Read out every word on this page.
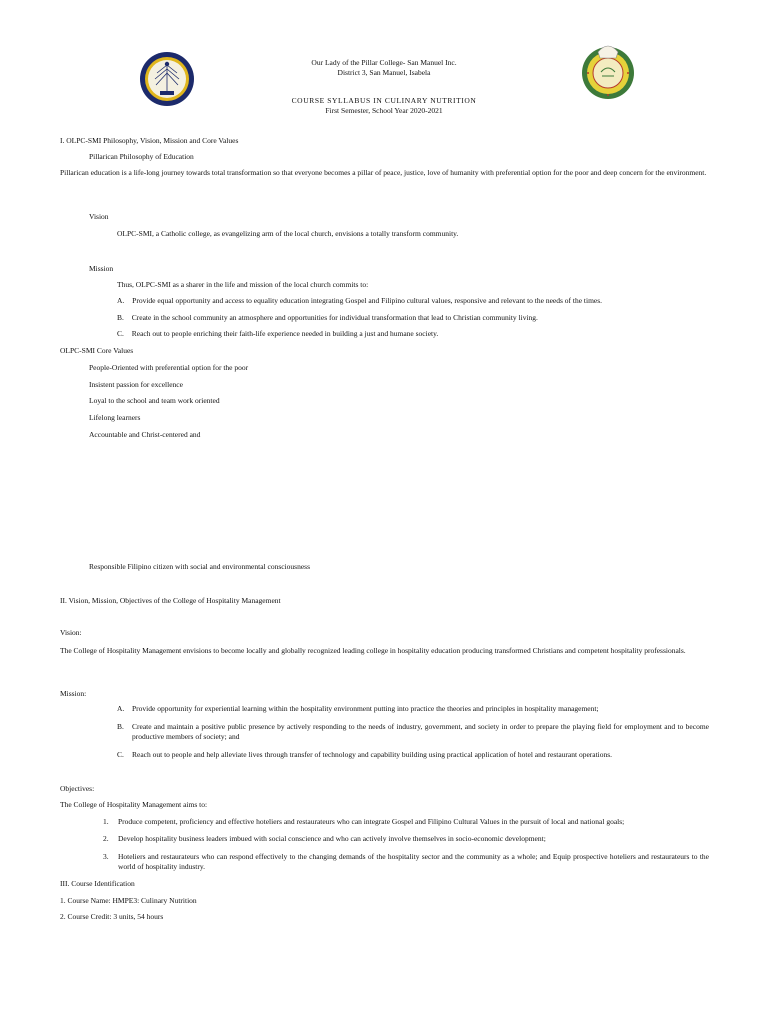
Our Lady of the Pillar College- San Manuel Inc.
District 3, San Manuel, Isabela
COURSE SYLLABUS IN CULINARY NUTRITION
First Semester, School Year 2020-2021
I. OLPC-SMI Philosophy, Vision, Mission and Core Values
Pillarican Philosophy of Education
Pillarican education is a life-long journey towards total transformation so that everyone becomes a pillar of peace, justice, love of humanity with preferential option for the poor and deep concern for the environment.
Vision
OLPC-SMI, a Catholic college, as evangelizing arm of the local church, envisions a totally transform community.
Mission
Thus, OLPC-SMI as a sharer in the life and mission of the local church commits to:
A. Provide equal opportunity and access to equality education integrating Gospel and Filipino cultural values, responsive and relevant to the needs of the times.
B. Create in the school community an atmosphere and opportunities for individual transformation that lead to Christian community living.
C. Reach out to people enriching their faith-life experience needed in building a just and humane society.
OLPC-SMI Core Values
People-Oriented with preferential option for the poor
Insistent passion for excellence
Loyal to the school and team work oriented
Lifelong learners
Accountable and Christ-centered and
Responsible Filipino citizen with social and environmental consciousness
II. Vision, Mission, Objectives of the College of Hospitality Management
Vision:
The College of Hospitality Management envisions to become locally and globally recognized leading college in hospitality education producing transformed Christians and competent hospitality professionals.
Mission:
A.	Provide opportunity for experiential learning within the hospitality environment putting into practice the theories and principles in hospitality management;
B.	Create and maintain a positive public presence by actively responding to the needs of industry, government, and society in order to prepare the playing field for employment and to become productive members of society; and
C.	Reach out to people and help alleviate lives through transfer of technology and capability building using practical application of hotel and restaurant operations.
Objectives:
The College of Hospitality Management aims to:
1. Produce competent, proficiency and effective hoteliers and restaurateurs who can integrate Gospel and Filipino Cultural Values in the pursuit of local and national goals;
2. Develop hospitality business leaders imbued with social conscience and who can actively involve themselves in socio-economic development;
3. Hoteliers and restaurateurs who can respond effectively to the changing demands of the hospitality sector and the community as a whole; and Equip prospective hoteliers and restaurateurs to the world of hospitality industry.
III. Course Identification
1. Course Name: HMPE3: Culinary Nutrition
2. Course Credit: 3 units, 54 hours
